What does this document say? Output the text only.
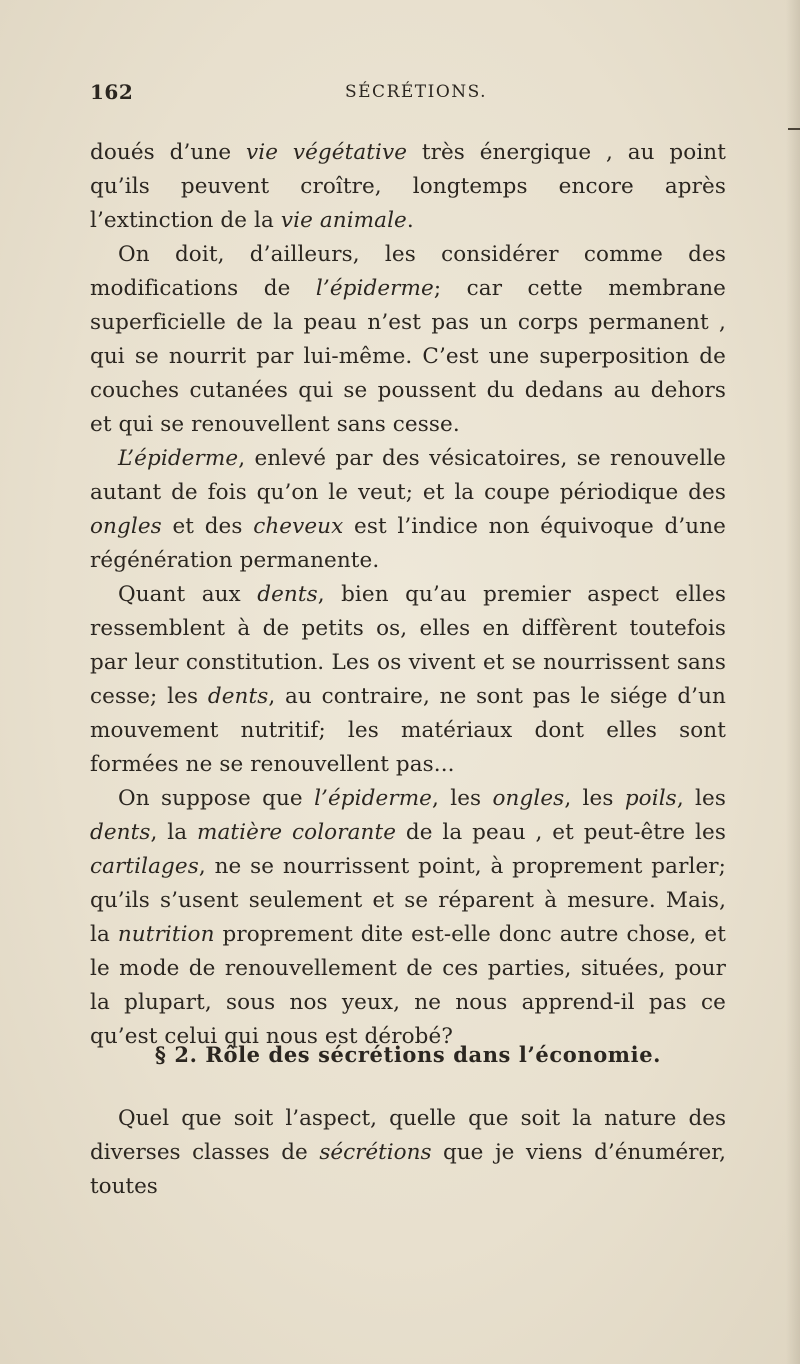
162	SÉCRÉTIONS.

doués d’une vie végétative très énergique , au point qu’ils peuvent croître, longtemps encore après l’extinction de la vie animale.

On doit, d’ailleurs, les considérer comme des modifications de l’épiderme; car cette membrane superficielle de la peau n’est pas un corps permanent , qui se nourrit par lui-même. C’est une superposition de couches cutanées qui se poussent du dedans au dehors et qui se renouvellent sans cesse.

L’épiderme, enlevé par des vésicatoires, se renouvelle autant de fois qu’on le veut; et la coupe périodique des ongles et des cheveux est l’indice non équivoque d’une régénération permanente.

Quant aux dents, bien qu’au premier aspect elles ressemblent à de petits os, elles en diffèrent toutefois par leur constitution. Les os vivent et se nourrissent sans cesse; les dents, au contraire, ne sont pas le siége d’un mouvement nutritif; les matériaux dont elles sont formées ne se renouvellent pas...

On suppose que l’épiderme, les ongles, les poils, les dents, la matière colorante de la peau , et peut-être les cartilages, ne se nourrissent point, à proprement parler; qu’ils s’usent seulement et se réparent à mesure. Mais, la nutrition proprement dite est-elle donc autre chose, et le mode de renouvellement de ces parties, situées, pour la plupart, sous nos yeux, ne nous apprend-il pas ce qu’est celui qui nous est dérobé?

§ 2. Rôle des sécrétions dans l’économie.

Quel que soit l’aspect, quelle que soit la nature des diverses classes de sécrétions que je viens d’énumérer, toutes
